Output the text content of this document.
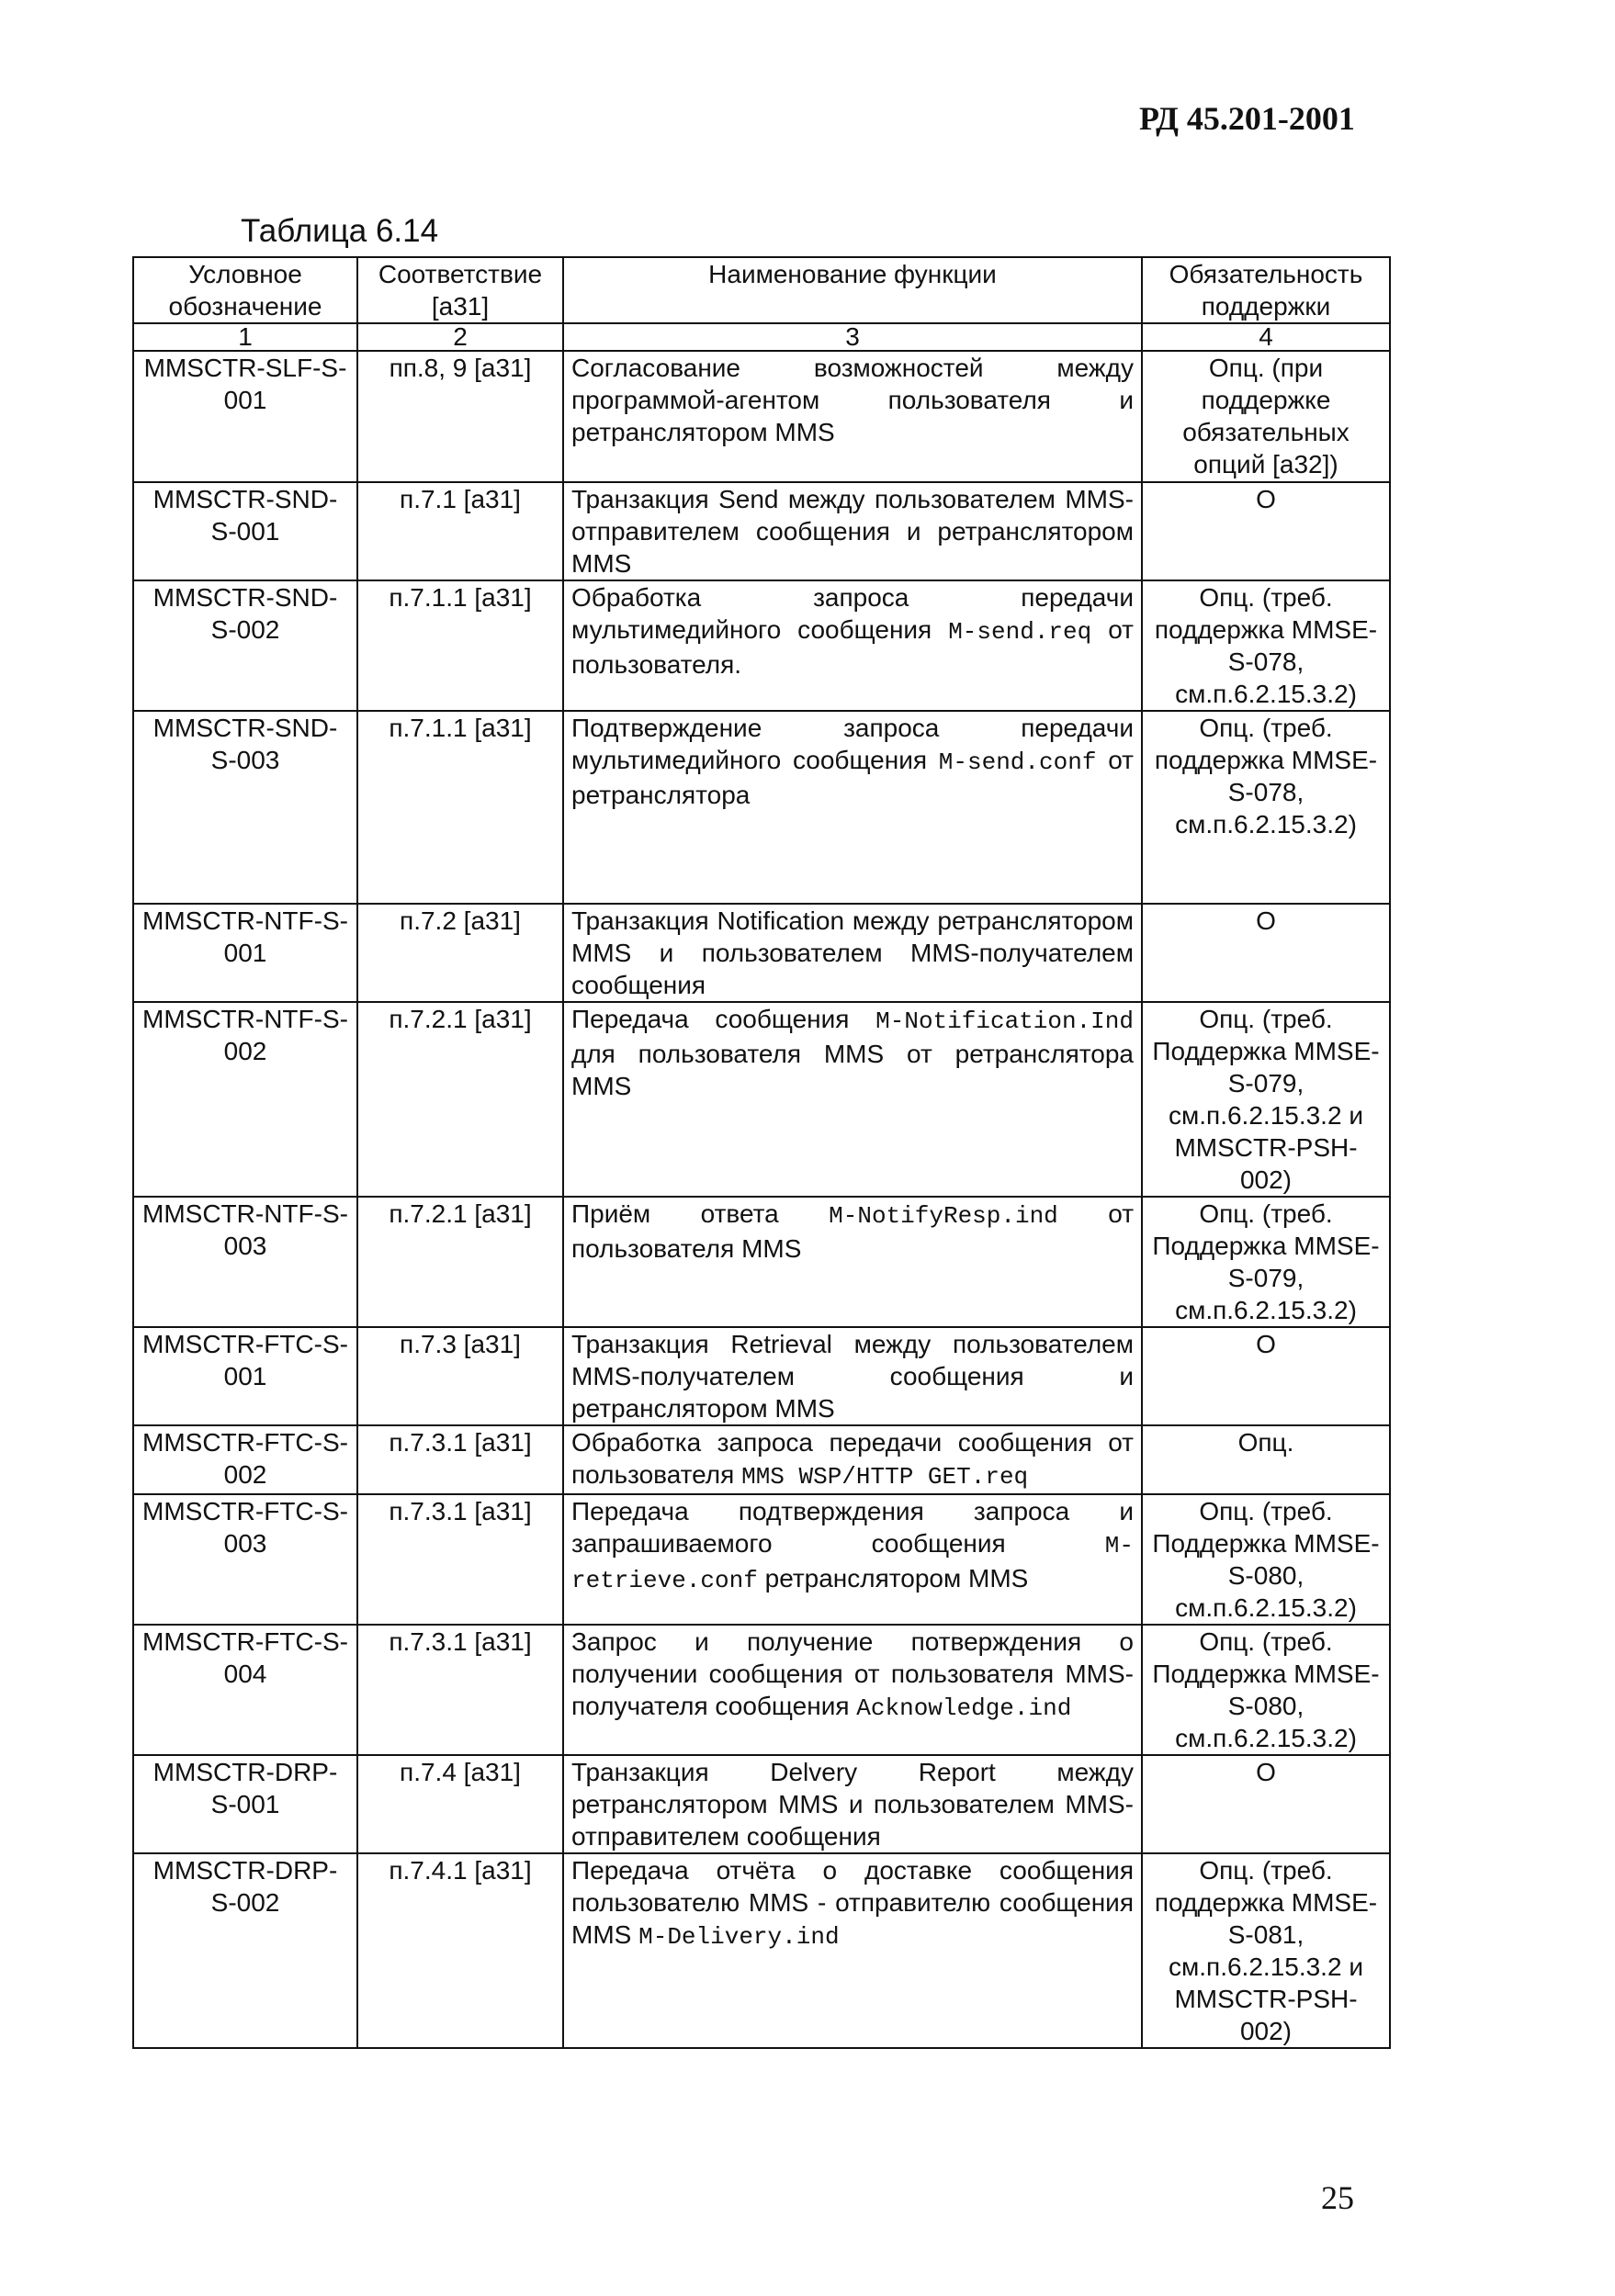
РД 45.201-2001
Таблица 6.14
Условное обозначение	Соответствие [а31]	Наименование функции	Обязательность поддержки
1	2	3	4
MMSCTR-SLF-S-001	пп.8, 9 [а31]	Согласование возможностей между программой-агентом пользователя и ретранслятором MMS	Опц. (при поддержке обязательных опций [а32])
MMSCTR-SND-S-001	п.7.1 [а31]	Транзакция Send между пользователем MMS-отправителем сообщения и ретранслятором MMS	О
MMSCTR-SND-S-002	п.7.1.1 [а31]	Обработка запроса передачи мультимедийного сообщения M-send.req от пользователя.	Опц. (треб. поддержка MMSE-S-078, см.п.6.2.15.3.2)
MMSCTR-SND-S-003	п.7.1.1 [а31]	Подтверждение запроса передачи мультимедийного сообщения M-send.conf от ретранслятора	Опц. (треб. поддержка MMSE-S-078, см.п.6.2.15.3.2)
MMSCTR-NTF-S-001	п.7.2 [а31]	Транзакция Notification между ретранслятором MMS и пользователем MMS-получателем сообщения	О
MMSCTR-NTF-S-002	п.7.2.1 [а31]	Передача сообщения M-Notification.Ind для пользователя MMS от ретранслятора MMS	Опц. (треб. Поддержка MMSE-S-079, см.п.6.2.15.3.2 и MMSCTR-PSH-002)
MMSCTR-NTF-S-003	п.7.2.1 [а31]	Приём ответа M-NotifyResp.ind от пользователя MMS	Опц. (треб. Поддержка MMSE-S-079, см.п.6.2.15.3.2)
MMSCTR-FTC-S-001	п.7.3 [а31]	Транзакция Retrieval между пользователем MMS-получателем сообщения и ретранслятором MMS	О
MMSCTR-FTC-S-002	п.7.3.1 [а31]	Обработка запроса передачи сообщения от пользователя MMS WSP/HTTP GET.req	Опц.
MMSCTR-FTC-S-003	п.7.3.1 [а31]	Передача подтверждения запроса и запрашиваемого сообщения M-retrieve.conf ретранслятором MMS	Опц. (треб. Поддержка MMSE-S-080, см.п.6.2.15.3.2)
MMSCTR-FTC-S-004	п.7.3.1 [а31]	Запрос и получение потверждения о получении сообщения от пользователя MMS-получателя сообщения Acknowledge.ind	Опц. (треб. Поддержка MMSE-S-080, см.п.6.2.15.3.2)
MMSCTR-DRP-S-001	п.7.4 [а31]	Транзакция Delvery Report между ретранслятором MMS и пользователем MMS-отправителем сообщения	О
MMSCTR-DRP-S-002	п.7.4.1 [а31]	Передача отчёта о доставке сообщения пользователю MMS - отправителю сообщения MMS M-Delivery.ind	Опц. (треб. поддержка MMSE-S-081, см.п.6.2.15.3.2 и MMSCTR-PSH-002)
25
